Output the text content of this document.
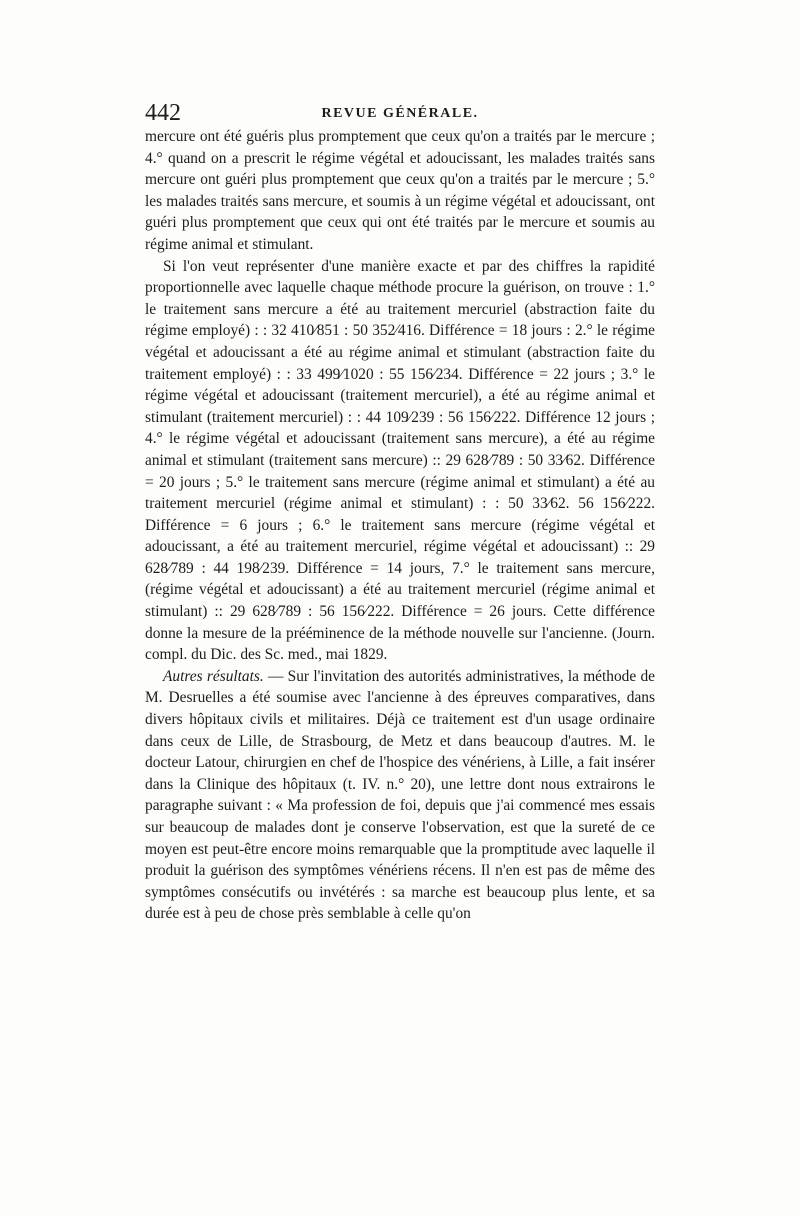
442	REVUE GÉNÉRALE.

mercure ont été guéris plus promptement que ceux qu'on a traités par le mercure ; 4.° quand on a prescrit le régime végétal et adoucissant, les malades traités sans mercure ont guéri plus promptement que ceux qu'on a traités par le mercure ; 5.° les malades traités sans mercure, et soumis à un régime végétal et adoucissant, ont guéri plus promptement que ceux qui ont été traités par le mercure et soumis au régime animal et stimulant.

Si l'on veut représenter d'une manière exacte et par des chiffres la rapidité proportionnelle avec laquelle chaque méthode procure la guérison, on trouve : 1.° le traitement sans mercure a été au traitement mercuriel (abstraction faite du régime employé) : : 32 410⁄851 : 50 352⁄416. Différence = 18 jours : 2.° le régime végétal et adoucissant a été au régime animal et stimulant (abstraction faite du traitement employé) : : 33 499⁄1020 : 55 156⁄234. Différence = 22 jours ; 3.° le régime végétal et adoucissant (traitement mercuriel), a été au régime animal et stimulant (traitement mercuriel) : : 44 109⁄239 : 56 156⁄222. Différence 12 jours ; 4.° le régime végétal et adoucissant (traitement sans mercure), a été au régime animal et stimulant (traitement sans mercure) :: 29 628⁄789 : 50 33⁄62. Différence = 20 jours ; 5.° le traitement sans mercure (régime animal et stimulant) a été au traitement mercuriel (régime animal et stimulant) : : 50 33⁄62. 56 156⁄222. Différence = 6 jours ; 6.° le traitement sans mercure (régime végétal et adoucissant, a été au traitement mercuriel, régime végétal et adoucissant) :: 29 628⁄789 : 44 198⁄239. Différence = 14 jours, 7.° le traitement sans mercure, (régime végétal et adoucissant) a été au traitement mercuriel (régime animal et stimulant) :: 29 628⁄789 : 56 156⁄222. Différence = 26 jours. Cette différence donne la mesure de la prééminence de la méthode nouvelle sur l'ancienne. (Journ. compl. du Dic. des Sc. med., mai 1829.

Autres résultats. — Sur l'invitation des autorités administratives, la méthode de M. Desruelles a été soumise avec l'ancienne à des épreuves comparatives, dans divers hôpitaux civils et militaires. Déjà ce traitement est d'un usage ordinaire dans ceux de Lille, de Strasbourg, de Metz et dans beaucoup d'autres. M. le docteur Latour, chirurgien en chef de l'hospice des vénériens, à Lille, a fait insérer dans la Clinique des hôpitaux (t. IV. n.° 20), une lettre dont nous extrairons le paragraphe suivant : « Ma profession de foi, depuis que j'ai commencé mes essais sur beaucoup de malades dont je conserve l'observation, est que la sureté de ce moyen est peut-être encore moins remarquable que la promptitude avec laquelle il produit la guérison des symptômes vénériens récens. Il n'en est pas de même des symptômes consécutifs ou invétérés : sa marche est beaucoup plus lente, et sa durée est à peu de chose près semblable à celle qu'on
